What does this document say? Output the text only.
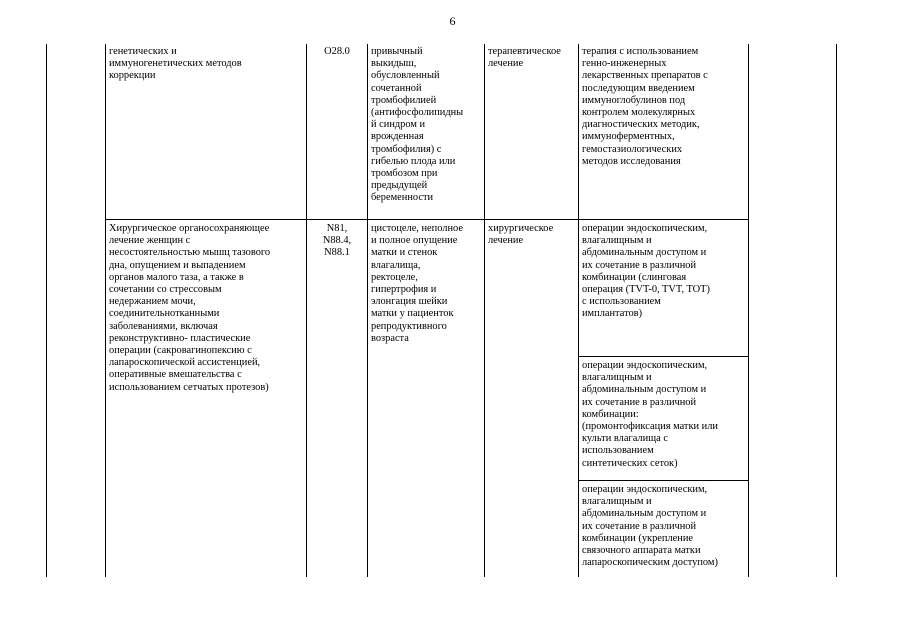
6
генетических и
иммуногенетических методов
коррекции
O28.0	привычный
выкидыш,
обусловленный
сочетанной
тромбофилией
(антифосфолипидны
й синдром и
врожденная
тромбофилия) с
гибелью плода или
тромбозом при
предыдущей
беременности
терапевтическое
лечение
терапия с использованием
генно-инженерных
лекарственных препаратов с
последующим введением
иммуноглобулинов под
контролем молекулярных
диагностических методик,
иммуноферментных,
гемостазиологических
методов исследования
Хирургическое органосохраняющее
лечение женщин с
несостоятельностью мышц тазового
дна, опущением и выпадением
органов малого таза, а также в
сочетании со стрессовым
недержанием мочи,
соединительнотканными
заболеваниями, включая
реконструктивно- пластические
операции (сакровагинопексию с
лапароскопической ассистенцией,
оперативные вмешательства с
использованием сетчатых протезов)
N81,
N88.4,
N88.1
цистоцеле, неполное
и полное опущение
матки и стенок
влагалища,
ректоцеле,
гипертрофия и
элонгация шейки
матки у пациенток
репродуктивного
возраста
хирургическое
лечение
операции эндоскопическим,
влагалищным и
абдоминальным доступом и
их сочетание в различной
комбинации (слинговая
операция (TVT-0, TVT, TOT)
с использованием
имплантатов)
операции эндоскопическим,
влагалищным и
абдоминальным доступом и
их сочетание в различной
комбинации:
(промонтофиксация матки или
культи влагалища с
использованием
синтетических сеток)
операции эндоскопическим,
влагалищным и
абдоминальным доступом и
их сочетание в различной
комбинации (укрепление
связочного аппарата матки
лапароскопическим доступом)
